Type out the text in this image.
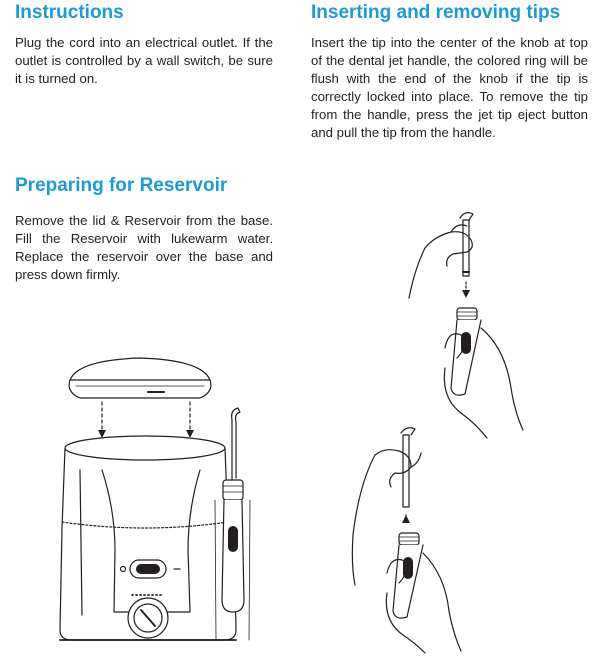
Instructions

Plug the cord into an electrical outlet. If the outlet is controlled by a wall switch, be sure it is turned on.

Inserting and removing tips

Insert the tip into the center of the knob at top of the dental jet handle, the colored ring will be flush with the end of the knob if the tip is correctly locked into place. To remove the tip from the handle, press the jet tip eject button and pull the tip from the handle.

Preparing for Reservoir

Remove the lid & Reservoir from the base. Fill the Reservoir with lukewarm water. Replace the reservoir over the base and press down firmly.
